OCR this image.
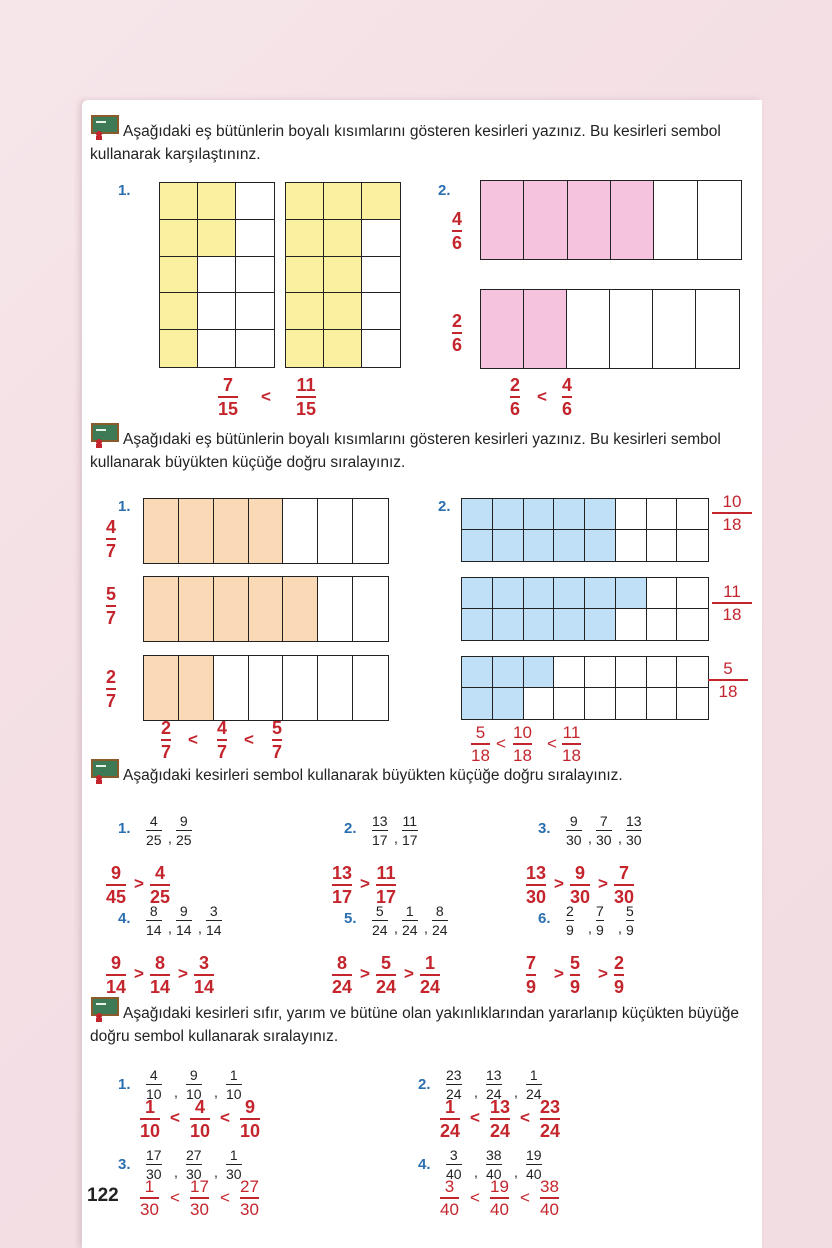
Aşağıdaki eş bütünlerin boyalı kısımlarını gösteren kesirleri yazınız. Bu kesirleri sembol kullanarak karşılaştınınz.
1.
7
15
<
11
15
2.
4
6
2
6
2
6
<
4
6
Aşağıdaki eş bütünlerin boyalı kısımlarını gösteren kesirleri yazınız. Bu kesirleri sembol kullanarak büyükten küçüğe doğru sıralayınız.
1.
4
7
5
7
2
7
2
7
<
4
7
<
5
7
2.	10
18
11
18
5
18
5
18
<
10
18
<
11
18
Aşağıdaki kesirleri sembol kullanarak büyükten küçüğe doğru sıralayınız.
1. 4
25 ,
9
25
9
45
>
4
25
2. 13
17 ,
11
17
13
17
>
11
17
3. 9
30 ,
7
30 ,
13
30
13
30
>
9
30
>
7
30
4. 8
14 ,
9
14 ,
3
14
9
14
>
8
14
>
3
14
5. 5
24 ,
1
24 ,
8
24
8
24
>
5
24
>
1
24
6. 2
9 ,
7
9 ,
5
9
7
9
>
5
9
>
2
9
Aşağıdaki kesirleri sıfır, yarım ve bütüne olan yakınlıklarından yararlanıp küçükten büyüğe doğru sembol kullanarak sıralayınız.
1.
4
10 ,
9
10 ,
1
10
1
10
<
4
10
<
9
10
2.
23
24 ,
13
24 ,
1
24
1
24
<
13
24
<
23
24
3.
17
30 ,
27
30 ,
1
30
1
30
<
17
30
<
27
30
4.
3
40 ,
38
40 ,
19
40
3
40
<
19
40
<
38
40
122
